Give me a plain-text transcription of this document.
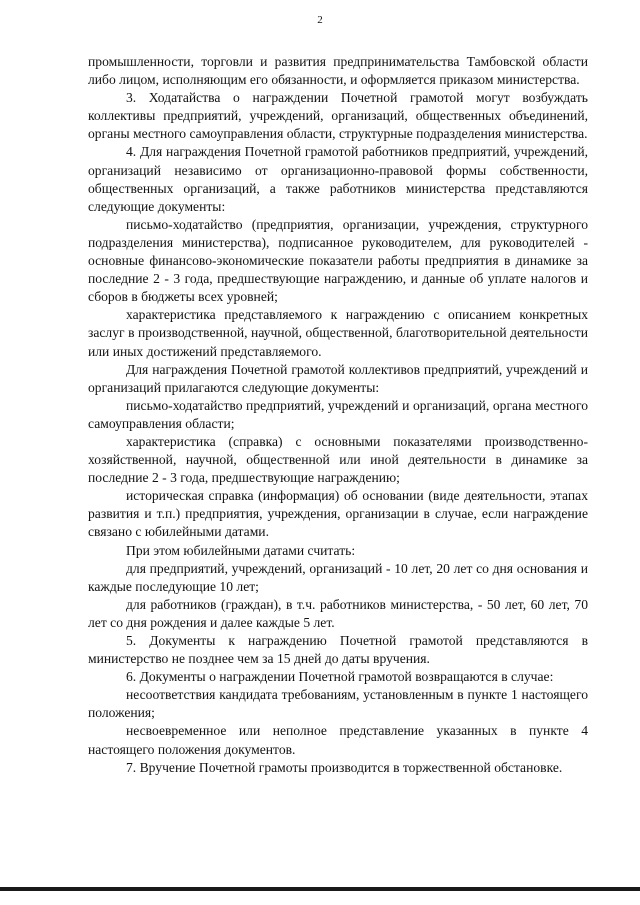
2

промышленности, торговли и развития предпринимательства Тамбовской области либо лицом, исполняющим его обязанности, и оформляется приказом министерства.

3. Ходатайства о награждении Почетной грамотой могут возбуждать коллективы предприятий, учреждений, организаций, общественных объединений, органы местного самоуправления области, структурные подразделения министерства.

4. Для награждения Почетной грамотой работников предприятий, учреждений, организаций независимо от организационно-правовой формы собственности, общественных организаций, а также работников министерства представляются следующие документы:

письмо-ходатайство (предприятия, организации, учреждения, структурного подразделения министерства), подписанное руководителем, для руководителей - основные финансово-экономические показатели работы предприятия в динамике за последние 2 - 3 года, предшествующие награждению, и данные об уплате налогов и сборов в бюджеты всех уровней;

характеристика представляемого к награждению с описанием конкретных заслуг в производственной, научной, общественной, благотворительной деятельности или иных достижений представляемого.

Для награждения Почетной грамотой коллективов предприятий, учреждений и организаций прилагаются следующие документы:

письмо-ходатайство предприятий, учреждений и организаций, органа местного самоуправления области;

характеристика (справка) с основными показателями производственно-хозяйственной, научной, общественной или иной деятельности в динамике за последние 2 - 3 года, предшествующие награждению;

историческая справка (информация) об основании (виде деятельности, этапах развития и т.п.) предприятия, учреждения, организации в случае, если награждение связано с юбилейными датами.

При этом юбилейными датами считать:

для предприятий, учреждений, организаций - 10 лет, 20 лет со дня основания и каждые последующие 10 лет;

для работников (граждан), в т.ч. работников министерства, - 50 лет, 60 лет, 70 лет со дня рождения и далее каждые 5 лет.

5. Документы к награждению Почетной грамотой представляются в министерство не позднее чем за 15 дней до даты вручения.

6. Документы о награждении Почетной грамотой возвращаются в случае:

несоответствия кандидата требованиям, установленным в пункте 1 настоящего положения;

несвоевременное или неполное представление указанных в пункте 4 настоящего положения документов.

7. Вручение Почетной грамоты производится в торжественной обстановке.
